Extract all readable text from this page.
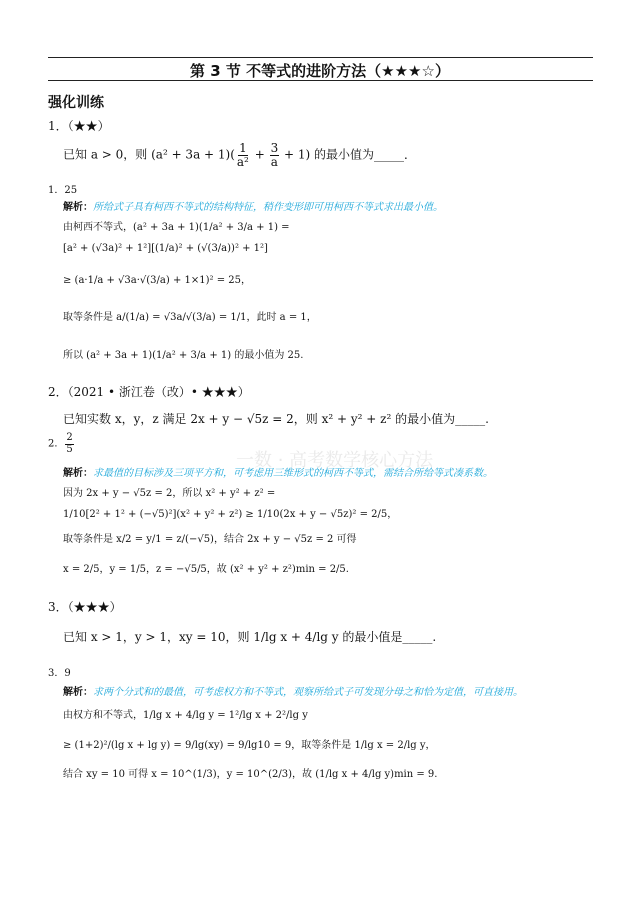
第 3 节 不等式的进阶方法（★★★☆）
强化训练
1．（★★）
已知 a > 0，则 $(a^2 + 3a + 1)( \frac{1}{\text{a²}} + \frac{3}{a} + 1)$ 的最小值为_____．
1．25
解析：所给式子具有柯西不等式的结构特征，稍作变形即可用柯西不等式求出最小值。
由柯西不等式，(a² + 3a + 1)(1/a² + 3/a + 1) =
[a² + (√3a)² + 1²][(1/a)² + (√(3/a))² + 1²]
≥ (a·1/a + √3a·√(3/a) + 1×1)² = 25，
取等条件是 a/(1/a) = √3a/√(3/a) = 1/1，此时 a = 1，
所以 (a² + 3a + 1)(1/a² + 3/a + 1) 的最小值为 25.
2．（2021 • 浙江卷（改）• ★★★）
已知实数 x，y，z 满足 2x + y − √5z = 2，则 x² + y² + z² 的最小值为_____.
2． $\frac{2}{5}$
一数 · 高考数学核心方法
解析：求最值的目标涉及三项平方和，可考虑用三维形式的柯西不等式，需结合所给等式凑系数。
因为 2x + y − √5z = 2，所以 x² + y² + z² =
1/10[2² + 1² + (−√5)²](x² + y² + z²) ≥ 1/10(2x + y − √5z)² = 2/5，
取等条件是 x/2 = y/1 = z/(−√5)，结合 2x + y − √5z = 2 可得
x = 2/5，y = 1/5，z = −√5/5，故 (x² + y² + z²)min = 2/5.
3．（★★★）
已知 x > 1，y > 1，xy = 10，则 1/lg x + 4/lg y 的最小值是_____.
3．9
解析：求两个分式和的最值，可考虑权方和不等式，观察所给式子可发现分母之和恰为定值，可直接用。
由权方和不等式，1/lg x + 4/lg y = 1²/lg x + 2²/lg y
≥ (1+2)²/(lg x + lg y) = 9/lg(xy) = 9/lg10 = 9，取等条件是 1/lg x = 2/lg y，
结合 xy = 10 可得 x = 10^(1/3)，y = 10^(2/3)，故 (1/lg x + 4/lg y)min = 9.
